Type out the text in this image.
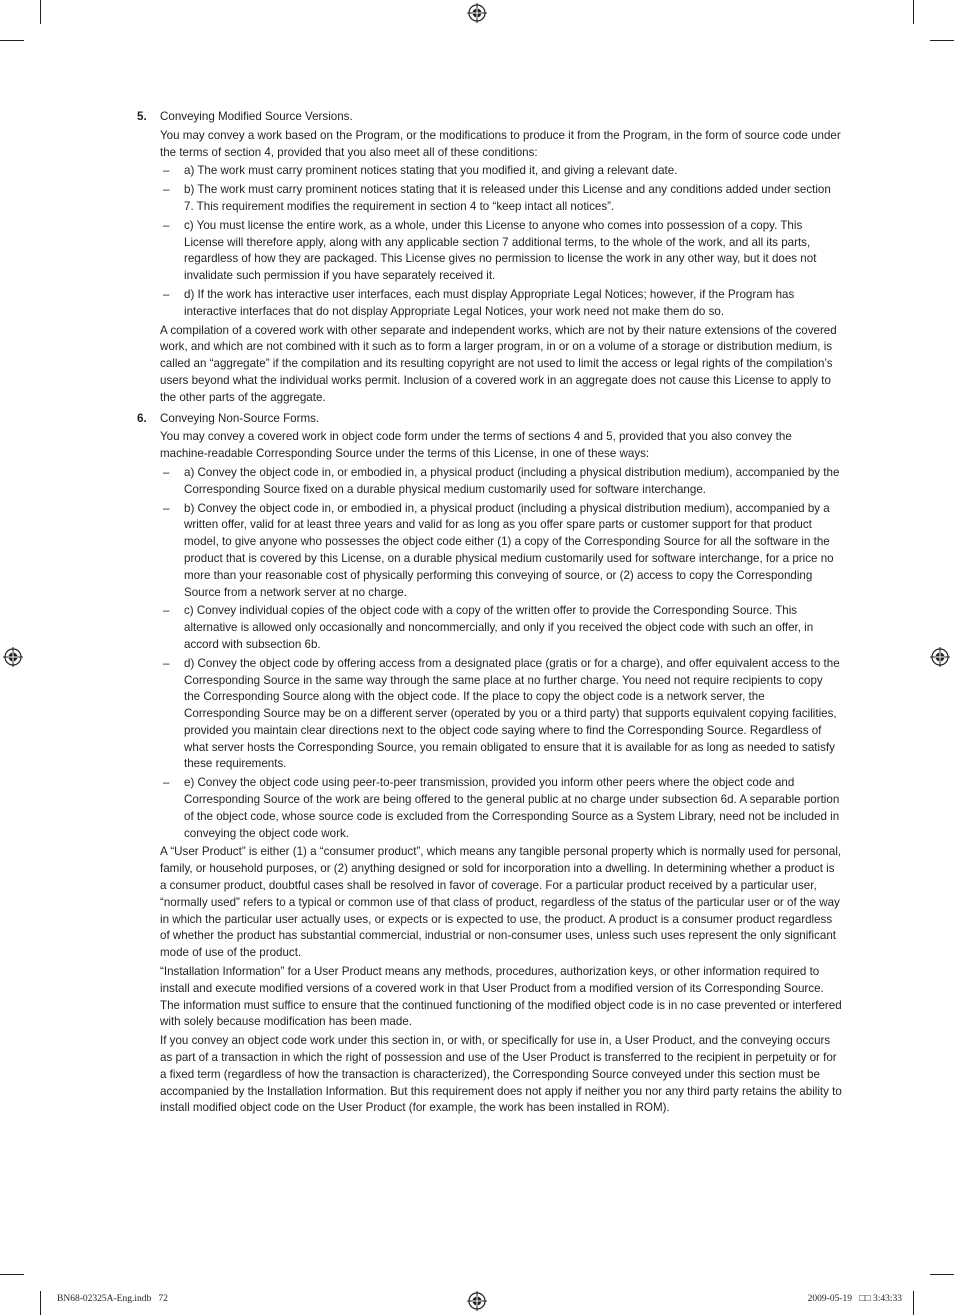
5. Conveying Modified Source Versions.

You may convey a work based on the Program, or the modifications to produce it from the Program, in the form of source code under the terms of section 4, provided that you also meet all of these conditions:

– a) The work must carry prominent notices stating that you modified it, and giving a relevant date.
– b) The work must carry prominent notices stating that it is released under this License and any conditions added under section 7. This requirement modifies the requirement in section 4 to “keep intact all notices”.
– c) You must license the entire work, as a whole, under this License to anyone who comes into possession of a copy. This License will therefore apply, along with any applicable section 7 additional terms, to the whole of the work, and all its parts, regardless of how they are packaged. This License gives no permission to license the work in any other way, but it does not invalidate such permission if you have separately received it.
– d) If the work has interactive user interfaces, each must display Appropriate Legal Notices; however, if the Program has interactive interfaces that do not display Appropriate Legal Notices, your work need not make them do so.

A compilation of a covered work with other separate and independent works, which are not by their nature extensions of the covered work, and which are not combined with it such as to form a larger program, in or on a volume of a storage or distribution medium, is called an “aggregate” if the compilation and its resulting copyright are not used to limit the access or legal rights of the compilation’s users beyond what the individual works permit. Inclusion of a covered work in an aggregate does not cause this License to apply to the other parts of the aggregate.

6. Conveying Non-Source Forms.

You may convey a covered work in object code form under the terms of sections 4 and 5, provided that you also convey the machine-readable Corresponding Source under the terms of this License, in one of these ways:

– a) Convey the object code in, or embodied in, a physical product (including a physical distribution medium), accompanied by the Corresponding Source fixed on a durable physical medium customarily used for software interchange.
– b) Convey the object code in, or embodied in, a physical product (including a physical distribution medium), accompanied by a written offer, valid for at least three years and valid for as long as you offer spare parts or customer support for that product model, to give anyone who possesses the object code either (1) a copy of the Corresponding Source for all the software in the product that is covered by this License, on a durable physical medium customarily used for software interchange, for a price no more than your reasonable cost of physically performing this conveying of source, or (2) access to copy the Corresponding Source from a network server at no charge.
– c) Convey individual copies of the object code with a copy of the written offer to provide the Corresponding Source. This alternative is allowed only occasionally and noncommercially, and only if you received the object code with such an offer, in accord with subsection 6b.
– d) Convey the object code by offering access from a designated place (gratis or for a charge), and offer equivalent access to the Corresponding Source in the same way through the same place at no further charge. You need not require recipients to copy the Corresponding Source along with the object code. If the place to copy the object code is a network server, the Corresponding Source may be on a different server (operated by you or a third party) that supports equivalent copying facilities, provided you maintain clear directions next to the object code saying where to find the Corresponding Source. Regardless of what server hosts the Corresponding Source, you remain obligated to ensure that it is available for as long as needed to satisfy these requirements.
– e) Convey the object code using peer-to-peer transmission, provided you inform other peers where the object code and Corresponding Source of the work are being offered to the general public at no charge under subsection 6d. A separable portion of the object code, whose source code is excluded from the Corresponding Source as a System Library, need not be included in conveying the object code work.

A “User Product” is either (1) a “consumer product”, which means any tangible personal property which is normally used for personal, family, or household purposes, or (2) anything designed or sold for incorporation into a dwelling. In determining whether a product is a consumer product, doubtful cases shall be resolved in favor of coverage. For a particular product received by a particular user, “normally used” refers to a typical or common use of that class of product, regardless of the status of the particular user or of the way in which the particular user actually uses, or expects or is expected to use, the product. A product is a consumer product regardless of whether the product has substantial commercial, industrial or non-consumer uses, unless such uses represent the only significant mode of use of the product.

“Installation Information” for a User Product means any methods, procedures, authorization keys, or other information required to install and execute modified versions of a covered work in that User Product from a modified version of its Corresponding Source. The information must suffice to ensure that the continued functioning of the modified object code is in no case prevented or interfered with solely because modification has been made.

If you convey an object code work under this section in, or with, or specifically for use in, a User Product, and the conveying occurs as part of a transaction in which the right of possession and use of the User Product is transferred to the recipient in perpetuity or for a fixed term (regardless of how the transaction is characterized), the Corresponding Source conveyed under this section must be accompanied by the Installation Information. But this requirement does not apply if neither you nor any third party retains the ability to install modified object code on the User Product (for example, the work has been installed in ROM).

BN68-02325A-Eng.indb   72	2009-05-19   □□ 3:43:33
